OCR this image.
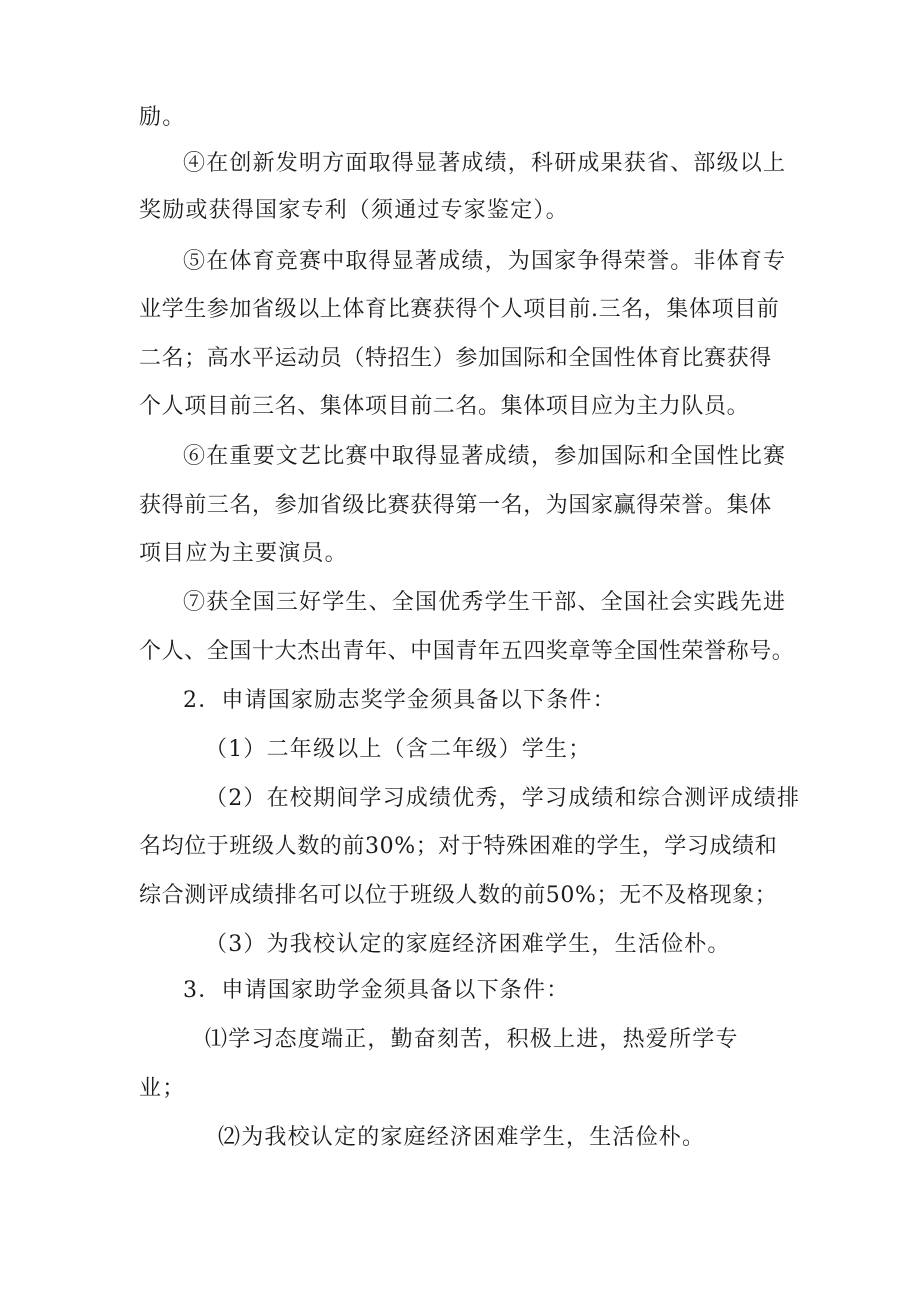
励。
④在创新发明方面取得显著成绩，科研成果获省、部级以上
奖励或获得国家专利（须通过专家鉴定）。
⑤在体育竞赛中取得显著成绩，为国家争得荣誉。非体育专
业学生参加省级以上体育比赛获得个人项目前.三名，集体项目前
二名；高水平运动员（特招生）参加国际和全国性体育比赛获得
个人项目前三名、集体项目前二名。集体项目应为主力队员。
⑥在重要文艺比赛中取得显著成绩，参加国际和全国性比赛
获得前三名，参加省级比赛获得第一名，为国家赢得荣誉。集体
项目应为主要演员。
⑦获全国三好学生、全国优秀学生干部、全国社会实践先进
个人、全国十大杰出青年、中国青年五四奖章等全国性荣誉称号。
2．申请国家励志奖学金须具备以下条件：
（1）二年级以上（含二年级）学生；
（2）在校期间学习成绩优秀，学习成绩和综合测评成绩排
名均位于班级人数的前30%；对于特殊困难的学生，学习成绩和
综合测评成绩排名可以位于班级人数的前50%；无不及格现象；
（3）为我校认定的家庭经济困难学生，生活俭朴。
3．申请国家助学金须具备以下条件：
⑴学习态度端正，勤奋刻苦，积极上进，热爱所学专
业；
⑵为我校认定的家庭经济困难学生，生活俭朴。
